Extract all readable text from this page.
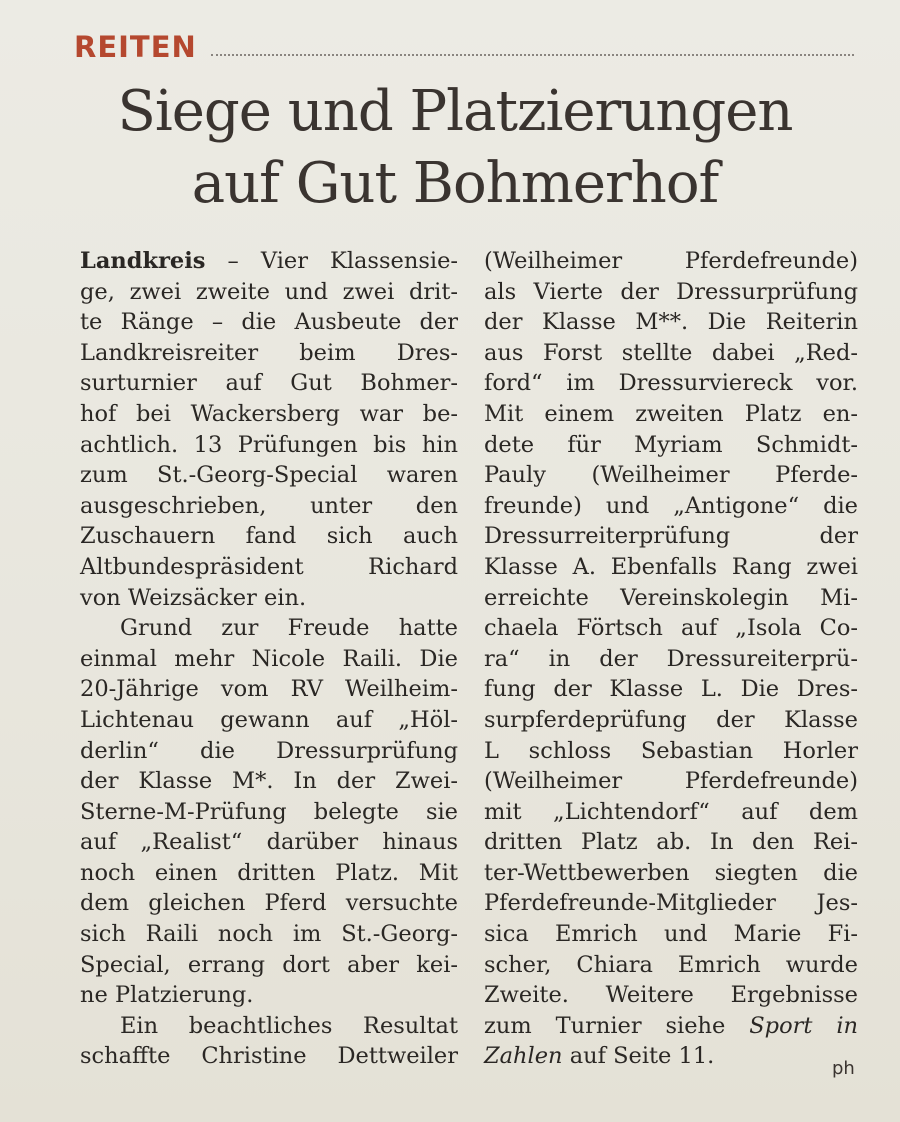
REITEN
Siege und Platzierungen
auf Gut Bohmerhof

Landkreis – Vier Klassensie-
ge, zwei zweite und zwei drit-
te Ränge – die Ausbeute der
Landkreisreiter beim Dres-
surturnier auf Gut Bohmer-
hof bei Wackersberg war be-
achtlich. 13 Prüfungen bis hin
zum St.-Georg-Special waren
ausgeschrieben, unter den
Zuschauern fand sich auch
Altbundespräsident Richard
von Weizsäcker ein.

Grund zur Freude hatte
einmal mehr Nicole Raili. Die
20-Jährige vom RV Weilheim-
Lichtenau gewann auf „Höl-
derlin“ die Dressurprüfung
der Klasse M*. In der Zwei-
Sterne-M-Prüfung belegte sie
auf „Realist“ darüber hinaus
noch einen dritten Platz. Mit
dem gleichen Pferd versuchte
sich Raili noch im St.-Georg-
Special, errang dort aber kei-
ne Platzierung.

Ein beachtliches Resultat
schaffte Christine Dettweiler

(Weilheimer Pferdefreunde)
als Vierte der Dressurprüfung
der Klasse M**. Die Reiterin
aus Forst stellte dabei „Red-
ford“ im Dressurviereck vor.
Mit einem zweiten Platz en-
dete für Myriam Schmidt-
Pauly (Weilheimer Pferde-
freunde) und „Antigone“ die
Dressurreiterprüfung der
Klasse A. Ebenfalls Rang zwei
erreichte Vereinskolegin Mi-
chaela Förtsch auf „Isola Co-
ra“ in der Dressureiterprü-
fung der Klasse L. Die Dres-
surpferdeprüfung der Klasse
L schloss Sebastian Horler
(Weilheimer Pferdefreunde)
mit „Lichtendorf“ auf dem
dritten Platz ab. In den Rei-
ter-Wettbewerben siegten die
Pferdefreunde-Mitglieder Jes-
sica Emrich und Marie Fi-
scher, Chiara Emrich wurde
Zweite. Weitere Ergebnisse
zum Turnier siehe Sport in
Zahlen auf Seite 11.	ph
